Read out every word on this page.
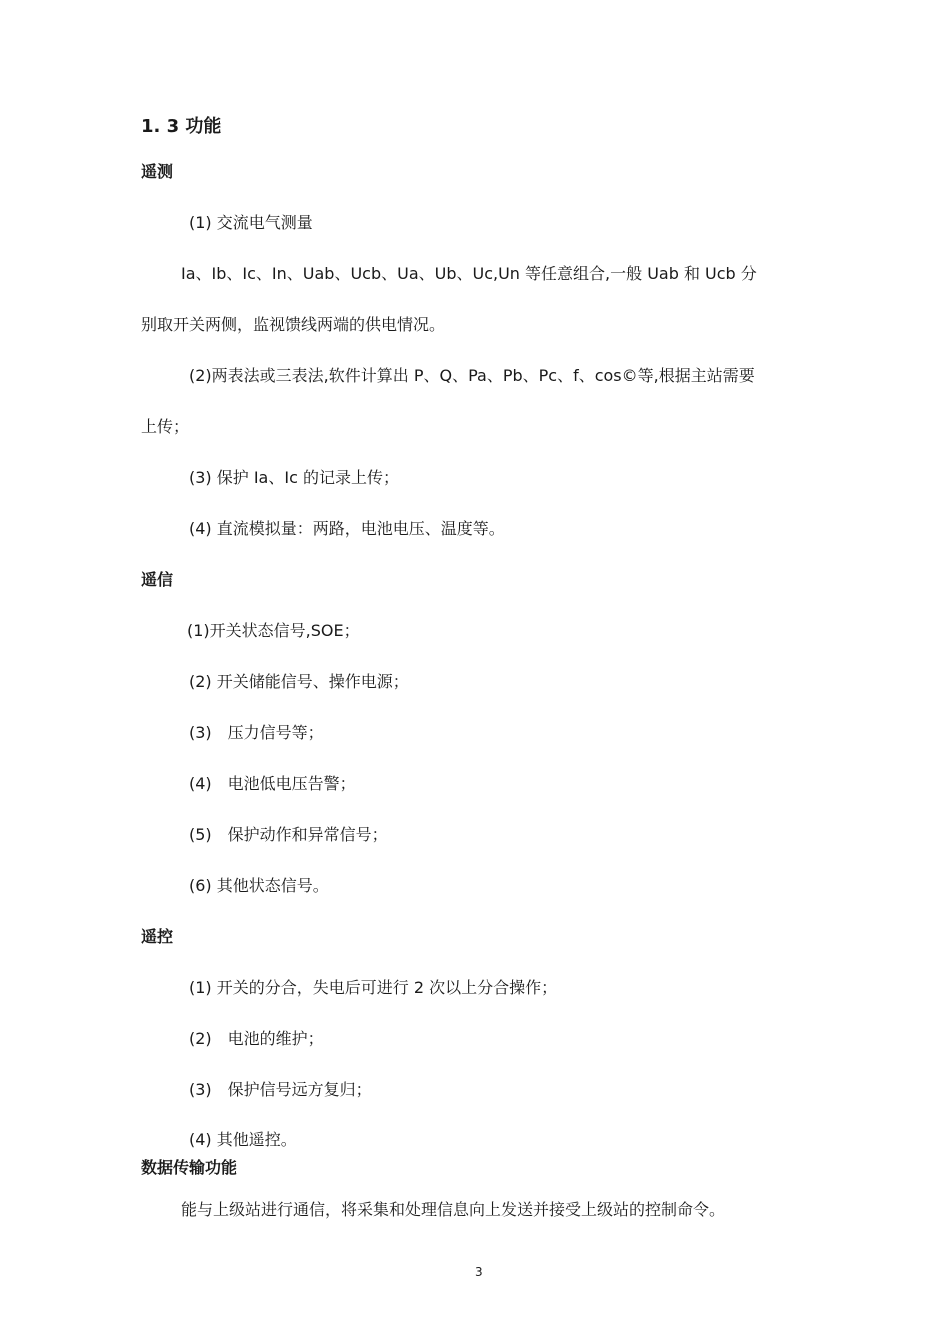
1. 3 功能
遥测
(1) 交流电气测量
Ia、Ib、Ic、In、Uab、Ucb、Ua、Ub、Uc,Un 等任意组合,一般 Uab 和 Ucb 分
别取开关两侧，监视馈线两端的供电情况。
(2)两表法或三表法,软件计算出 P、Q、Pa、Pb、Pc、f、cos©等,根据主站需要
上传；
(3) 保护 Ia、Ic 的记录上传；
(4) 直流模拟量：两路，电池电压、温度等。
遥信
(1)开关状态信号,SOE；
(2) 开关储能信号、操作电源；
(3)　压力信号等；
(4)　电池低电压告警；
(5)　保护动作和异常信号；
(6) 其他状态信号。
遥控
(1) 开关的分合，失电后可进行 2 次以上分合操作；
(2)　电池的维护；
(3)　保护信号远方复归；
(4) 其他遥控。
数据传输功能
能与上级站进行通信，将采集和处理信息向上发送并接受上级站的控制命令。
3
